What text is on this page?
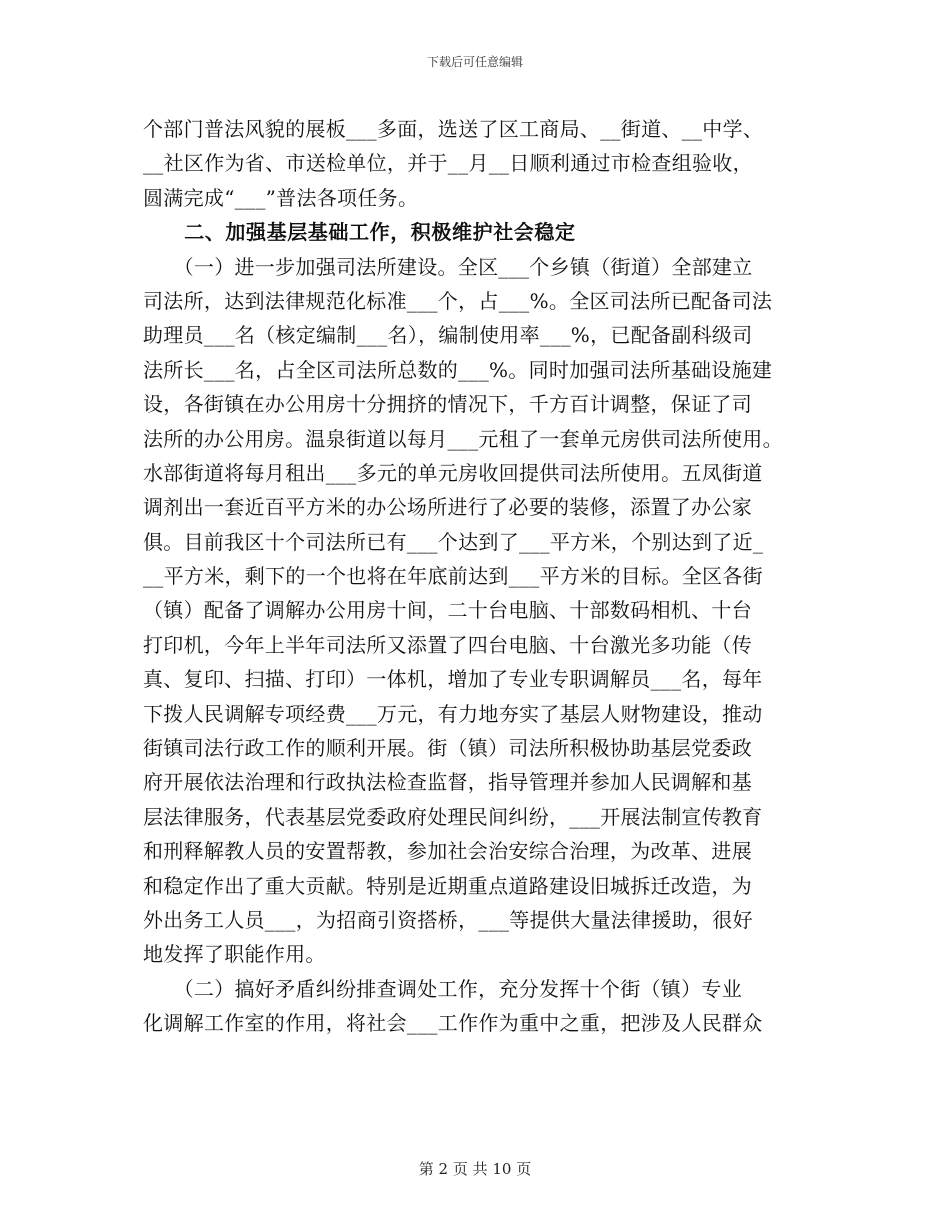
下载后可任意编辑
个部门普法风貌的展板___多面，选送了区工商局、__街道、__中学、
__社区作为省、市送检单位，并于__月__日顺利通过市检查组验收，
圆满完成“___”普法各项任务。
　　二、加强基层基础工作，积极维护社会稳定
　　（一）进一步加强司法所建设。全区___个乡镇（街道）全部建立
司法所，达到法律规范化标准___个，占___%。全区司法所已配备司法
助理员___名（核定编制___名），编制使用率___%，已配备副科级司
法所长___名，占全区司法所总数的___%。同时加强司法所基础设施建
设，各街镇在办公用房十分拥挤的情况下，千方百计调整，保证了司
法所的办公用房。温泉街道以每月___元租了一套单元房供司法所使用。
水部街道将每月租出___多元的单元房收回提供司法所使用。五凤街道
调剂出一套近百平方米的办公场所进行了必要的装修，添置了办公家
俱。目前我区十个司法所已有___个达到了___平方米，个别达到了近_
__平方米，剩下的一个也将在年底前达到___平方米的目标。全区各街
（镇）配备了调解办公用房十间，二十台电脑、十部数码相机、十台
打印机，今年上半年司法所又添置了四台电脑、十台激光多功能（传
真、复印、扫描、打印）一体机，增加了专业专职调解员___名，每年
下拨人民调解专项经费___万元，有力地夯实了基层人财物建设，推动
街镇司法行政工作的顺利开展。街（镇）司法所积极协助基层党委政
府开展依法治理和行政执法检查监督，指导管理并参加人民调解和基
层法律服务，代表基层党委政府处理民间纠纷，___开展法制宣传教育
和刑释解教人员的安置帮教，参加社会治安综合治理，为改革、进展
和稳定作出了重大贡献。特别是近期重点道路建设旧城拆迁改造，为
外出务工人员___，为招商引资搭桥，___等提供大量法律援助，很好
地发挥了职能作用。
　　（二）搞好矛盾纠纷排查调处工作，充分发挥十个街（镇）专业
化调解工作室的作用，将社会___工作作为重中之重，把涉及人民群众
第 2 页 共 10 页
